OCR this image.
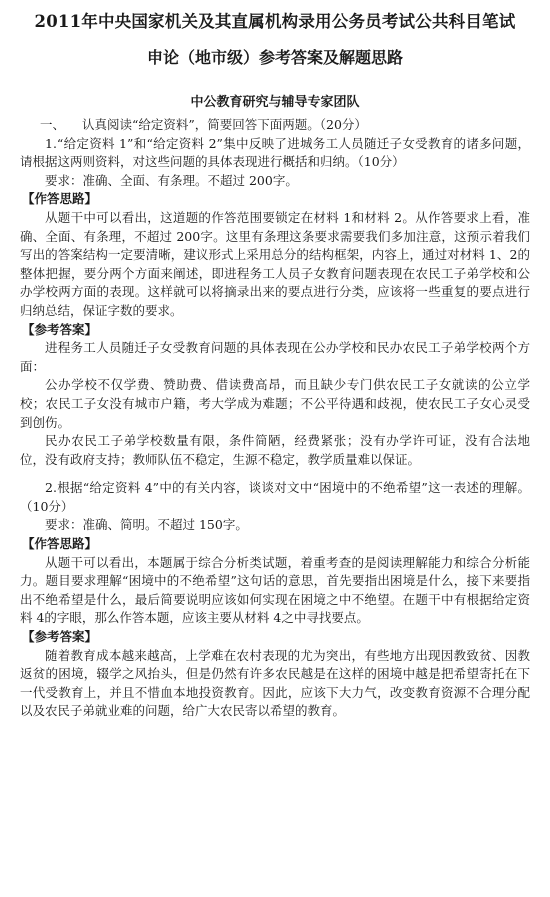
2011年中央国家机关及其直属机构录用公务员考试公共科目笔试
申论（地市级）参考答案及解题思路
中公教育研究与辅导专家团队

一、 认真阅读“给定资料”，简要回答下面两题。（20分）

1.“给定资料 1”和“给定资料 2”集中反映了进城务工人员随迁子女受教育的诸多问题，请根据这两则资料，对这些问题的具体表现进行概括和归纳。（10分）

要求：准确、全面、有条理。不超过 200字。

【作答思路】

从题干中可以看出，这道题的作答范围要锁定在材料 1和材料 2。从作答要求上看，准确、全面、有条理，不超过 200字。这里有条理这条要求需要我们多加注意，这预示着我们写出的答案结构一定要清晰，建议形式上采用总分的结构框架，内容上，通过对材料 1、2的整体把握，要分两个方面来阐述，即进程务工人员子女教育问题表现在农民工子弟学校和公办学校两方面的表现。这样就可以将摘录出来的要点进行分类，应该将一些重复的要点进行归纳总结，保证字数的要求。

【参考答案】

进程务工人员随迁子女受教育问题的具体表现在公办学校和民办农民工子弟学校两个方面：

公办学校不仅学费、赞助费、借读费高昂，而且缺少专门供农民工子女就读的公立学校；农民工子女没有城市户籍，考大学成为难题；不公平待遇和歧视，使农民工子女心灵受到创伤。

民办农民工子弟学校数量有限，条件简陋，经费紧张；没有办学许可证，没有合法地位，没有政府支持；教师队伍不稳定，生源不稳定，教学质量难以保证。

2.根据“给定资料 4”中的有关内容，谈谈对文中“困境中的不绝希望”这一表述的理解。（10分）

要求：准确、简明。不超过 150字。

【作答思路】

从题干可以看出，本题属于综合分析类试题，着重考查的是阅读理解能力和综合分析能力。题目要求理解“困境中的不绝希望”这句话的意思，首先要指出困境是什么，接下来要指出不绝希望是什么，最后简要说明应该如何实现在困境之中不绝望。在题干中有根据给定资料 4的字眼，那么作答本题，应该主要从材料 4之中寻找要点。

【参考答案】

随着教育成本越来越高，上学难在农村表现的尤为突出，有些地方出现因教致贫、因教返贫的困境，辍学之风抬头，但是仍然有许多农民越是在这样的困境中越是把希望寄托在下一代受教育上，并且不惜血本地投资教育。因此，应该下大力气，改变教育资源不合理分配以及农民子弟就业难的问题，给广大农民寄以希望的教育。
